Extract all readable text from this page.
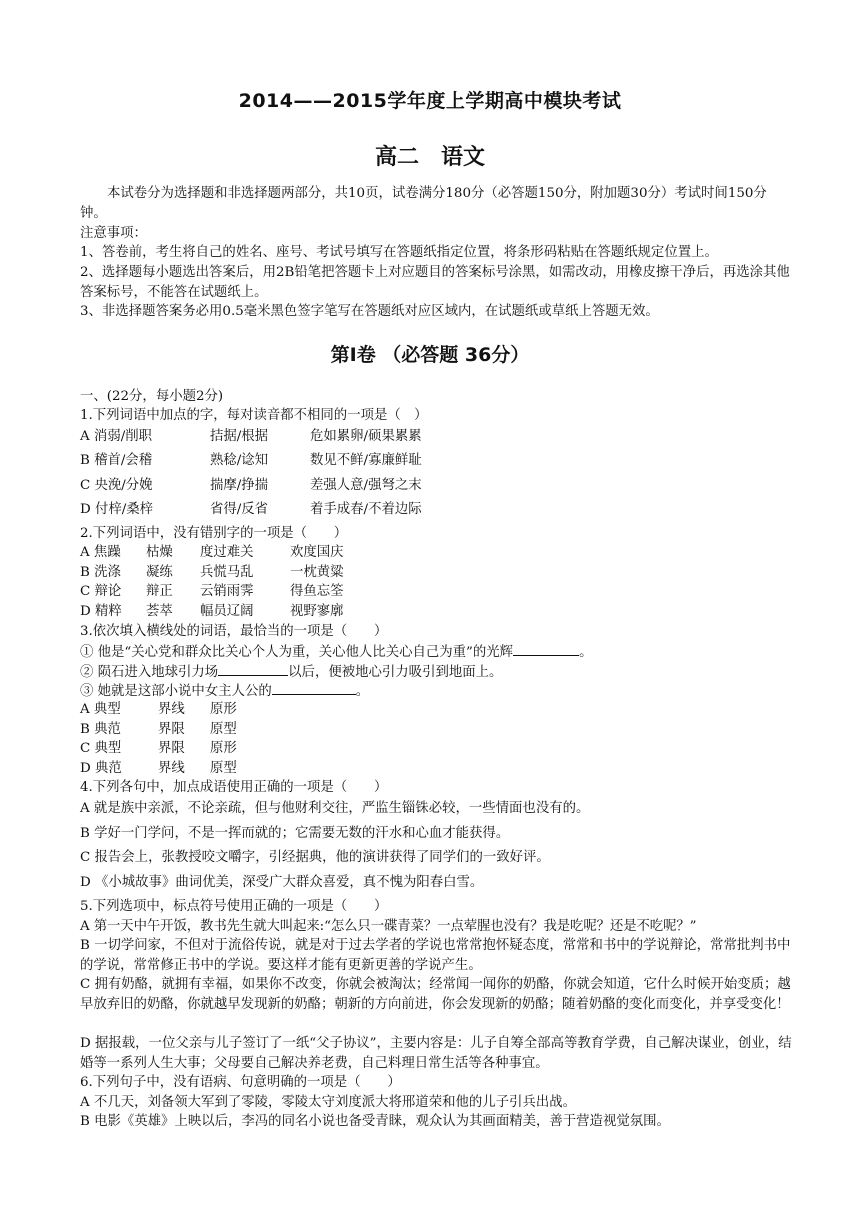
2014——2015学年度上学期高中模块考试
高二　语文
本试卷分为选择题和非选择题两部分，共10页，试卷满分180分（必答题150分，附加题30分）考试时间150分钟。
注意事项：
1、答卷前，考生将自己的姓名、座号、考试号填写在答题纸指定位置，将条形码粘贴在答题纸规定位置上。
2、选择题每小题选出答案后，用2B铅笔把答题卡上对应题目的答案标号涂黑，如需改动，用橡皮擦干净后，再选涂其他答案标号，不能答在试题纸上。
3、非选择题答案务必用0.5毫米黑色签字笔写在答题纸对应区域内，在试题纸或草纸上答题无效。
第Ⅰ卷 （必答题 36分）
一、(22分，每小题2分)
1.下列词语中加点的字，每对读音都不相同的一项是（　）
A 消弱/削职	拮据/根据	危如累卵/硕果累累
B 稽首/会稽	熟稔/谂知	数见不鲜/寡廉鲜耻
C 央浼/分娩	揣摩/挣揣	差强人意/强弩之末
D 付梓/桑梓	省得/反省	着手成春/不着边际
2.下列词语中，没有错别字的一项是（　　）
A 焦躁 枯燥 度过难关	欢度国庆
B 洗涤 凝练 兵慌马乱	一枕黄粱
C 辩论 辩正 云销雨霁	得鱼忘筌
D 精粹 荟萃 幅员辽阔	视野寥廓
3.依次填入横线处的词语，最恰当的一项是（　　）
① 他是“关心党和群众比关心个人为重，关心他人比关心自己为重”的光辉	。
② 陨石进入地球引力场	以后，便被地心引力吸引到地面上。
③ 她就是这部小说中女主人公的	。
A 典型	界线 原形
B 典范	界限 原型
C 典型	界限 原形
D 典范	界线 原型
4.下列各句中，加点成语使用正确的一项是（　　）
A 就是族中亲派，不论亲疏，但与他财利交往，严监生锱铢必较，一些情面也没有的。
B 学好一门学问，不是一挥而就的；它需要无数的汗水和心血才能获得。
C 报告会上，张教授咬文嚼字，引经据典，他的演讲获得了同学们的一致好评。
D 《小城故事》曲词优美，深受广大群众喜爱，真不愧为阳春白雪。
5.下列选项中，标点符号使用正确的一项是（　　）
A 第一天中午开饭，教书先生就大叫起来:“怎么只一碟青菜？一点荤腥也没有？我是吃呢？还是不吃呢？”
B 一切学问家，不但对于流俗传说，就是对于过去学者的学说也常常抱怀疑态度，常常和书中的学说辩论，常常批判书中的学说，常常修正书中的学说。要这样才能有更新更善的学说产生。
C 拥有奶酪，就拥有幸福，如果你不改变，你就会被淘汰；经常闻一闻你的奶酪，你就会知道，它什么时候开始变质；越早放弃旧的奶酪，你就越早发现新的奶酪；朝新的方向前进，你会发现新的奶酪；随着奶酪的变化而变化，并享受变化！
D 据报载，一位父亲与儿子签订了一纸“父子协议”，主要内容是：儿子自筹全部高等教育学费，自己解决谋业，创业，结婚等一系列人生大事；父母要自己解决养老费，自己料理日常生活等各种事宜。
6.下列句子中，没有语病、句意明确的一项是（　　）
A 不几天，刘备领大军到了零陵，零陵太守刘度派大将邢道荣和他的儿子引兵出战。
B 电影《英雄》上映以后，李冯的同名小说也备受青睐，观众认为其画面精美，善于营造视觉氛围。
